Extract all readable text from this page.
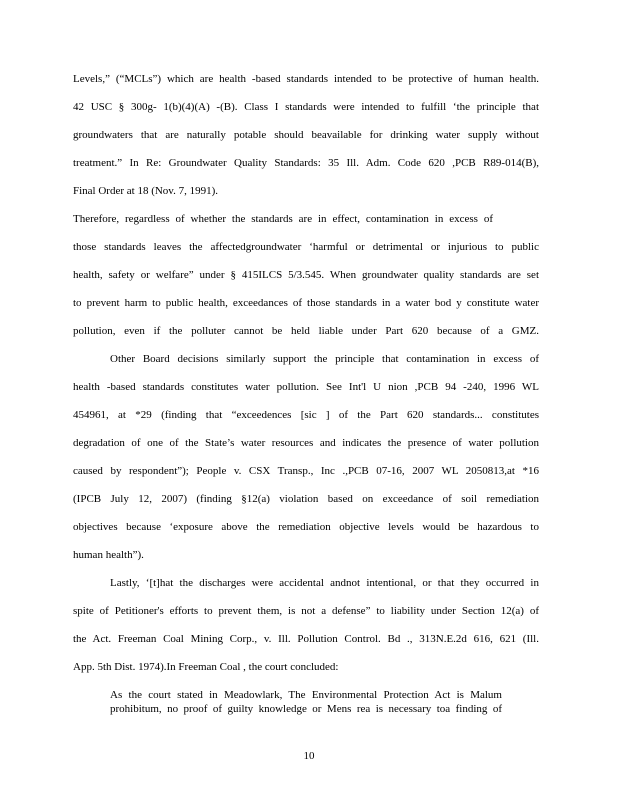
Levels,” (“MCLs”) which are health -based standards intended to be protective of human health.
42 USC § 300g- 1(b)(4)(A) -(B). Class I standards were intended to fulfill ‘the principle that
groundwaters that are naturally potable should beavailable for drinking water supply without
treatment.” In Re: Groundwater Quality Standards: 35 Ill. Adm. Code 620 ,PCB R89-014(B),
Final Order at 18 (Nov. 7, 1991).
Therefore, regardless of whether the standards are in effect, contamination in excess of
those standards leaves the affectedgroundwater ‘harmful or detrimental or injurious to public
health, safety or welfare” under § 415ILCS 5/3.545. When groundwater quality standards are set
to prevent harm to public health, exceedances of those standards in a water bod y constitute water
pollution, even if the polluter cannot be held liable under Part 620 because of a GMZ.
Other Board decisions similarly support the principle that contamination in excess of
health -based standards constitutes water pollution. See Int'l U nion ,PCB 94 -240, 1996 WL
454961, at *29 (finding that “exceedences [sic ] of the Part 620 standards... constitutes
degradation of one of the State’s water resources and indicates the presence of water pollution
caused by respondent”); People v. CSX Transp., Inc .,PCB 07-16, 2007 WL 2050813,at *16
(IPCB July 12, 2007) (finding §12(a) violation based on exceedance of soil remediation
objectives because ‘exposure above the remediation objective levels would be hazardous to
human health”).
Lastly, ‘[t]hat the discharges were accidental andnot intentional, or that they occurred in
spite of Petitioner's efforts to prevent them, is not a defense” to liability under Section 12(a) of
the Act. Freeman Coal Mining Corp., v. Ill. Pollution Control. Bd ., 313N.E.2d 616, 621 (Ill.
App. 5th Dist. 1974).In Freeman Coal , the court concluded:
As the court stated in Meadowlark, The Environmental Protection Act is Malum
prohibitum, no proof of guilty knowledge or Mens rea is necessary toa finding of
10
